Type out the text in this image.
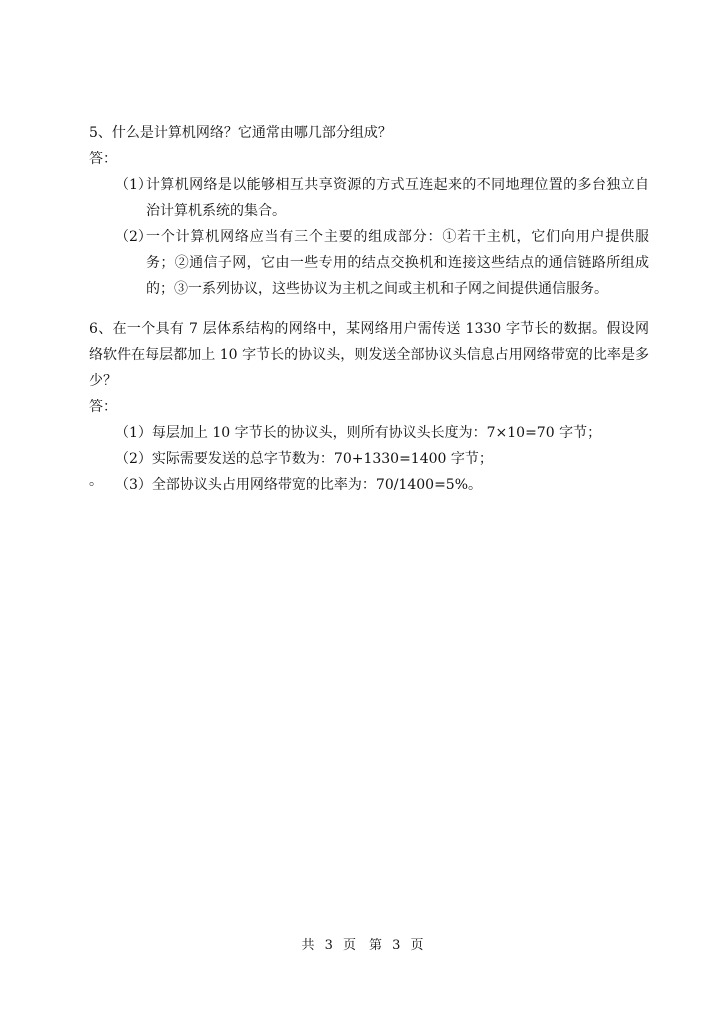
5、什么是计算机网络？它通常由哪几部分组成？
答：
（1）
计算机网络是以能够相互共享资源的方式互连起来的不同地理位置的多台独立自治计算机系统的集合。
（2）
一个计算机网络应当有三个主要的组成部分：①若干主机，它们向用户提供服务；②通信子网，它由一些专用的结点交换机和连接这些结点的通信链路所组成的；③一系列协议，这些协议为主机之间或主机和子网之间提供通信服务。
6、在一个具有 7 层体系结构的网络中，某网络用户需传送 1330 字节长的数据。假设网络软件在每层都加上 10 字节长的协议头，则发送全部协议头信息占用网络带宽的比率是多少？
答：
（1）每层加上 10 字节长的协议头，则所有协议头长度为：7×10=70 字节；
（2）实际需要发送的总字节数为：70+1330=1400 字节；
（3）全部协议头占用网络带宽的比率为：70/1400=5%。
。
共 3 页　第 3 页
